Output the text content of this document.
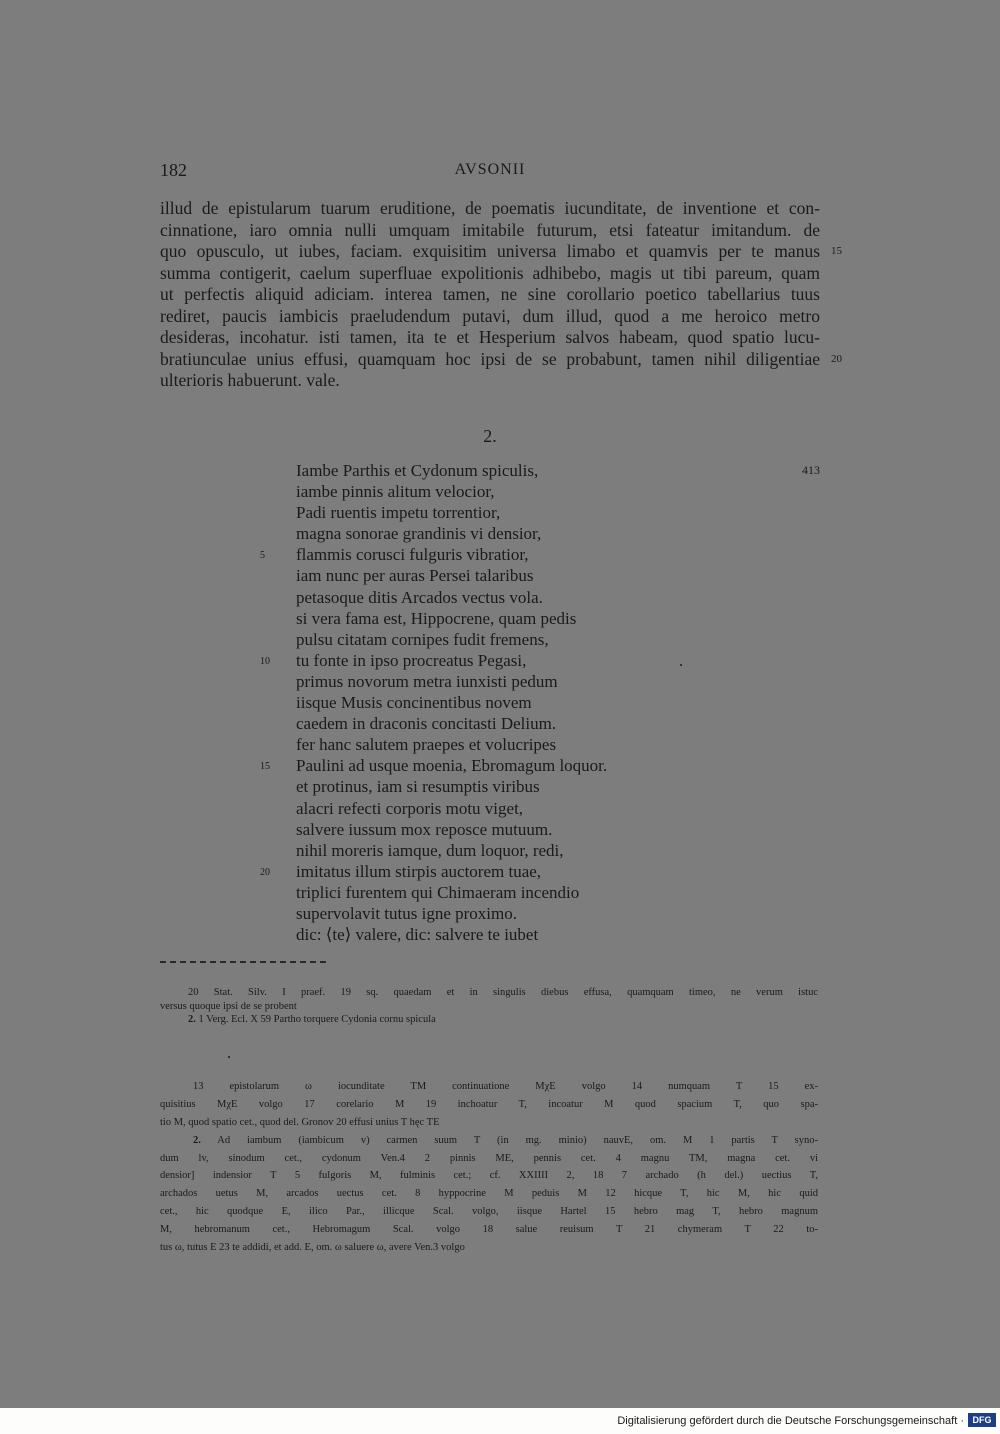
182	AVSONII
illud de epistularum tuarum eruditione, de poematis iucunditate, de inventione et con-
cinnatione, iaro omnia nulli umquam imitabile futurum, etsi fateatur imitandum. de
quo opusculo, ut iubes, faciam. exquisitim universa limabo et quamvis per te manus 15
summa contigerit, caelum superfluae expolitionis adhibebo, magis ut tibi pareum, quam
ut perfectis aliquid adiciam. interea tamen, ne sine corollario poetico tabellarius tuus
rediret, paucis iambicis praeludendum putavi, dum illud, quod a me heroico metro
desideras, incohatur. isti tamen, ita te et Hesperium salvos habeam, quod spatio lucu-
bratiunculae unius effusi, quamquam hoc ipsi de se probabunt, tamen nihil diligentiae 20
ulterioris habuerunt. vale.
2.
Iambe Parthis et Cydonum spiculis,	413
iambe pinnis alitum velocior,
Padi ruentis impetu torrentior,
magna sonorae grandinis vi densior,
5 flammis corusci fulguris vibratior,
iam nunc per auras Persei talaribus
petasoque ditis Arcados vectus vola.
si vera fama est, Hippocrene, quam pedis
pulsu citatam cornipes fudit fremens,
10 tu fonte in ipso procreatus Pegasi,
primus novorum metra iunxisti pedum
iisque Musis concinentibus novem
caedem in draconis concitasti Delium.
fer hanc salutem praepes et volucripes
15 Paulini ad usque moenia, Ebromagum loquor.
et protinus, iam si resumptis viribus
alacri refecti corporis motu viget,
salvere iussum mox reposce mutuum.
nihil moreris iamque, dum loquor, redi,
20 imitatus illum stirpis auctorem tuae,
triplici furentem qui Chimaeram incendio
supervolavit tutus igne proximo.
dic: ⟨te⟩ valere, dic: salvere te iubet
20 Stat. Silv. I praef. 19 sq. quaedam et in singulis diebus effusa, quamquam timeo, ne verum istuc
versus quoque ipsi de se probent
2. 1 Verg. Ecl. X 59 Partho torquere Cydonia cornu spicula
13 epistolarum ω iocunditate TM continuatione MχE volgo 14 numquam T 15 ex-
quisitius MχE volgo 17 corelario M 19 inchoatur T, incoatur M quod spacium T, quo spa-
tio M, quod spatio cet., quod del. Gronov 20 effusi unius T hęc TE
2. Ad iambum (iambicum v) carmen suum T (in mg. minio) nauvE, om. M 1 partis T syno-
dum lv, sinodum cet., cydonum Ven.4 2 pinnis ME, pennis cet. 4 magnu TM, magna cet. vi
densior] indensior T 5 fulgoris M, fulminis cet.; cf. XXIIII 2, 18 7 archado (h del.) uectius T,
archados uetus M, arcados uectus cet. 8 hyppocrine M peduis M 12 hicque T, hic M, hic quid
cet., hic quodque E, ilico Par., illicque Scal. volgo, iisque Hartel 15 hebro mag T, hebro magnum
M, hebromanum cet., Hebromagum Scal. volgo 18 salue reuisum T 21 chymeram T 22 to-
tus ω, tutus E 23 te addidi, et add. E, om. ω saluere ω, avere Ven.3 volgo
Digitalisierung gefördert durch die Deutsche Forschungsgemeinschaft · DFG
